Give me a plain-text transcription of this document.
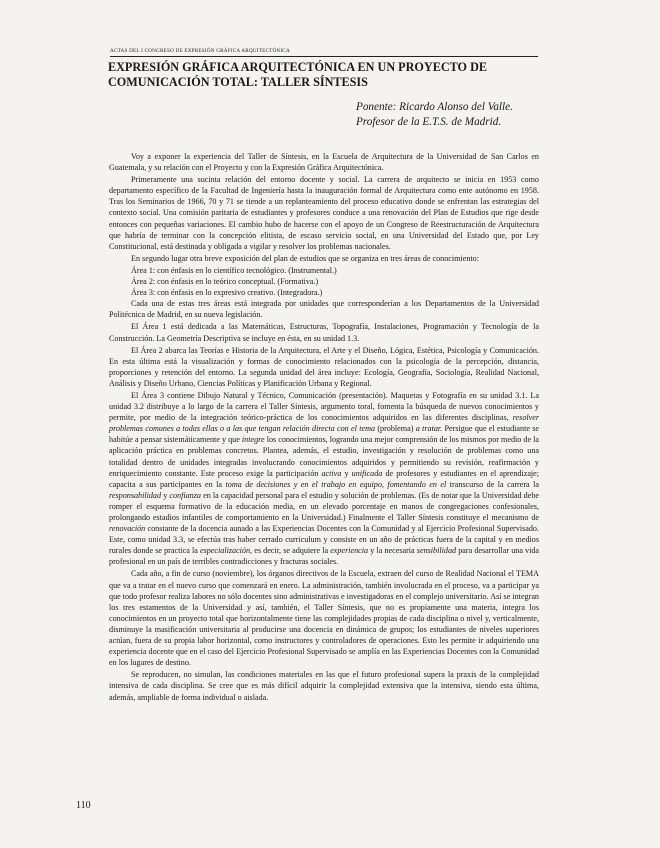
ACTAS DEL I CONGRESO DE EXPRESIÓN GRÁFICA ARQUITECTÓNICA
EXPRESIÓN GRÁFICA ARQUITECTÓNICA EN UN PROYECTO DE COMUNICACIÓN TOTAL: TALLER SÍNTESIS
Ponente: Ricardo Alonso del Valle.
Profesor de la E.T.S. de Madrid.

Voy a exponer la experiencia del Taller de Síntesis, en la Escuela de Arquitectura de la Universidad de San Carlos en Guatemala, y su relación con el Proyecto y con la Expresión Gráfica Arquitectónica.

Primeramente una sucinta relación del entorno docente y social. La carrera de arquitecto se inicia en 1953 como departamento específico de la Facultad de Ingeniería hasta la inauguración formal de Arquitectura como ente autónomo en 1958. Tras los Seminarios de 1966, 70 y 71 se tiende a un replanteamiento del proceso educativo donde se enfrentan las estrategias del contexto social. Una comisión paritaria de estudiantes y profesores conduce a una renovación del Plan de Estudios que rige desde entonces con pequeñas variaciones. El cambio hubo de hacerse con el apoyo de un Congreso de Reestructuración de Arquitectura que habría de terminar con la concepción elitista, de escaso servicio social, en una Universidad del Estado que, por Ley Constitucional, está destinada y obligada a vigilar y resolver los problemas nacionales.

En segundo lugar otra breve exposición del plan de estudios que se organiza en tres áreas de conocimiento:

Área 1: con énfasis en lo científico tecnológico. (Instrumental.)

Área 2: con énfasis en lo teórico conceptual. (Formativa.)

Área 3: con énfasis en lo expresivo creativo. (Integradora.)

Cada una de estas tres áreas está integrada por unidades que corresponderían a los Departamentos de la Universidad Politécnica de Madrid, en su nueva legislación.

El Área 1 está dedicada a las Matemáticas, Estructuras, Topografía, Instalaciones, Programación y Tecnología de la Construcción. La Geometría Descriptiva se incluye en ésta, en su unidad 1.3.

El Área 2 abarca las Teorías e Historia de la Arquitectura, el Arte y el Diseño, Lógica, Estética, Psicología y Comunicación. En esta última está la visualización y formas de conocimiento relacionados con la psicología de la percepción, distancia, proporciones y retención del entorno. La segunda unidad del área incluye: Ecología, Geografía, Sociología, Realidad Nacional, Análisis y Diseño Urbano, Ciencias Políticas y Planificación Urbana y Regional.

El Área 3 contiene Dibujo Natural y Técnico, Comunicación (presentación). Maquetas y Fotografía en su unidad 3.1. La unidad 3.2 distribuye a lo largo de la carrera el Taller Síntesis, argumento toral, fomenta la búsqueda de nuevos conocimientos y permite, por medio de la integración teórico-práctica de los conocimientos adquiridos en las diferentes disciplinas, resolver problemas comunes a todas ellas o a las que tengan relación directa con el tema (problema) a tratar. Persigue que el estudiante se habitúe a pensar sistemáticamente y que integre los conocimientos, logrando una mejor comprensión de los mismos por medio de la aplicación práctica en problemas concretos. Plantea, además, el estudio, investigación y resolución de problemas como una totalidad dentro de unidades integradas involucrando conocimientos adquiridos y permitiendo su revisión, reafirmación y enriquecimiento constante. Este proceso exige la participación activa y unificada de profesores y estudiantes en el aprendizaje; capacita a sus participantes en la toma de decisiones y en el trabajo en equipo, fomentando en el transcurso de la carrera la responsabilidad y confianza en la capacidad personal para el estudio y solución de problemas. (Es de notar que la Universidad debe romper el esquema formativo de la educación media, en un elevado porcentaje en manos de congregaciones confesionales, prolongando estadios infantiles de comportamiento en la Universidad.) Finalmente el Taller Síntesis constituye el mecanismo de renovación constante de la docencia aunado a las Experiencias Docentes con la Comunidad y al Ejercicio Profesional Supervisado. Este, como unidad 3.3, se efectúa tras haber cerrado curriculum y consiste en un año de prácticas fuera de la capital y en medios rurales donde se practica la especialización, es decir, se adquiere la experiencia y la necesaria sensibilidad para desarrollar una vida profesional en un país de terribles contradicciones y fracturas sociales.

Cada año, a fin de curso (noviembre), los órganos directivos de la Escuela, extraen del curso de Realidad Nacional el TEMA que va a tratar en el nuevo curso que comenzará en enero. La administración, también involucrada en el proceso, va a participar ya que todo profesor realiza labores no sólo docentes sino administrativas e investigadoras en el complejo universitario. Así se integran los tres estamentos de la Universidad y así, también, el Taller Síntesis, que no es propiamente una materia, integra los conocimientos en un proyecto total que horizontalmente tiene las complejidades propias de cada disciplina o nivel y, verticalmente, disminuye la masificación universitaria al producirse una docencia en dinámica de grupos; los estudiantes de niveles superiores actúan, fuera de su propia labor horizontal, como instructores y controladores de operaciones. Esto les permite ir adquiriendo una experiencia docente que en el caso del Ejercicio Profesional Supervisado se amplía en las Experiencias Docentes con la Comunidad en los lugares de destino.

Se reproducen, no simulan, las condiciones materiales en las que el futuro profesional supera la praxis de la complejidad intensiva de cada disciplina. Se cree que es más difícil adquirir la complejidad extensiva que la intensiva, siendo esta última, además, ampliable de forma individual o aislada.

110
